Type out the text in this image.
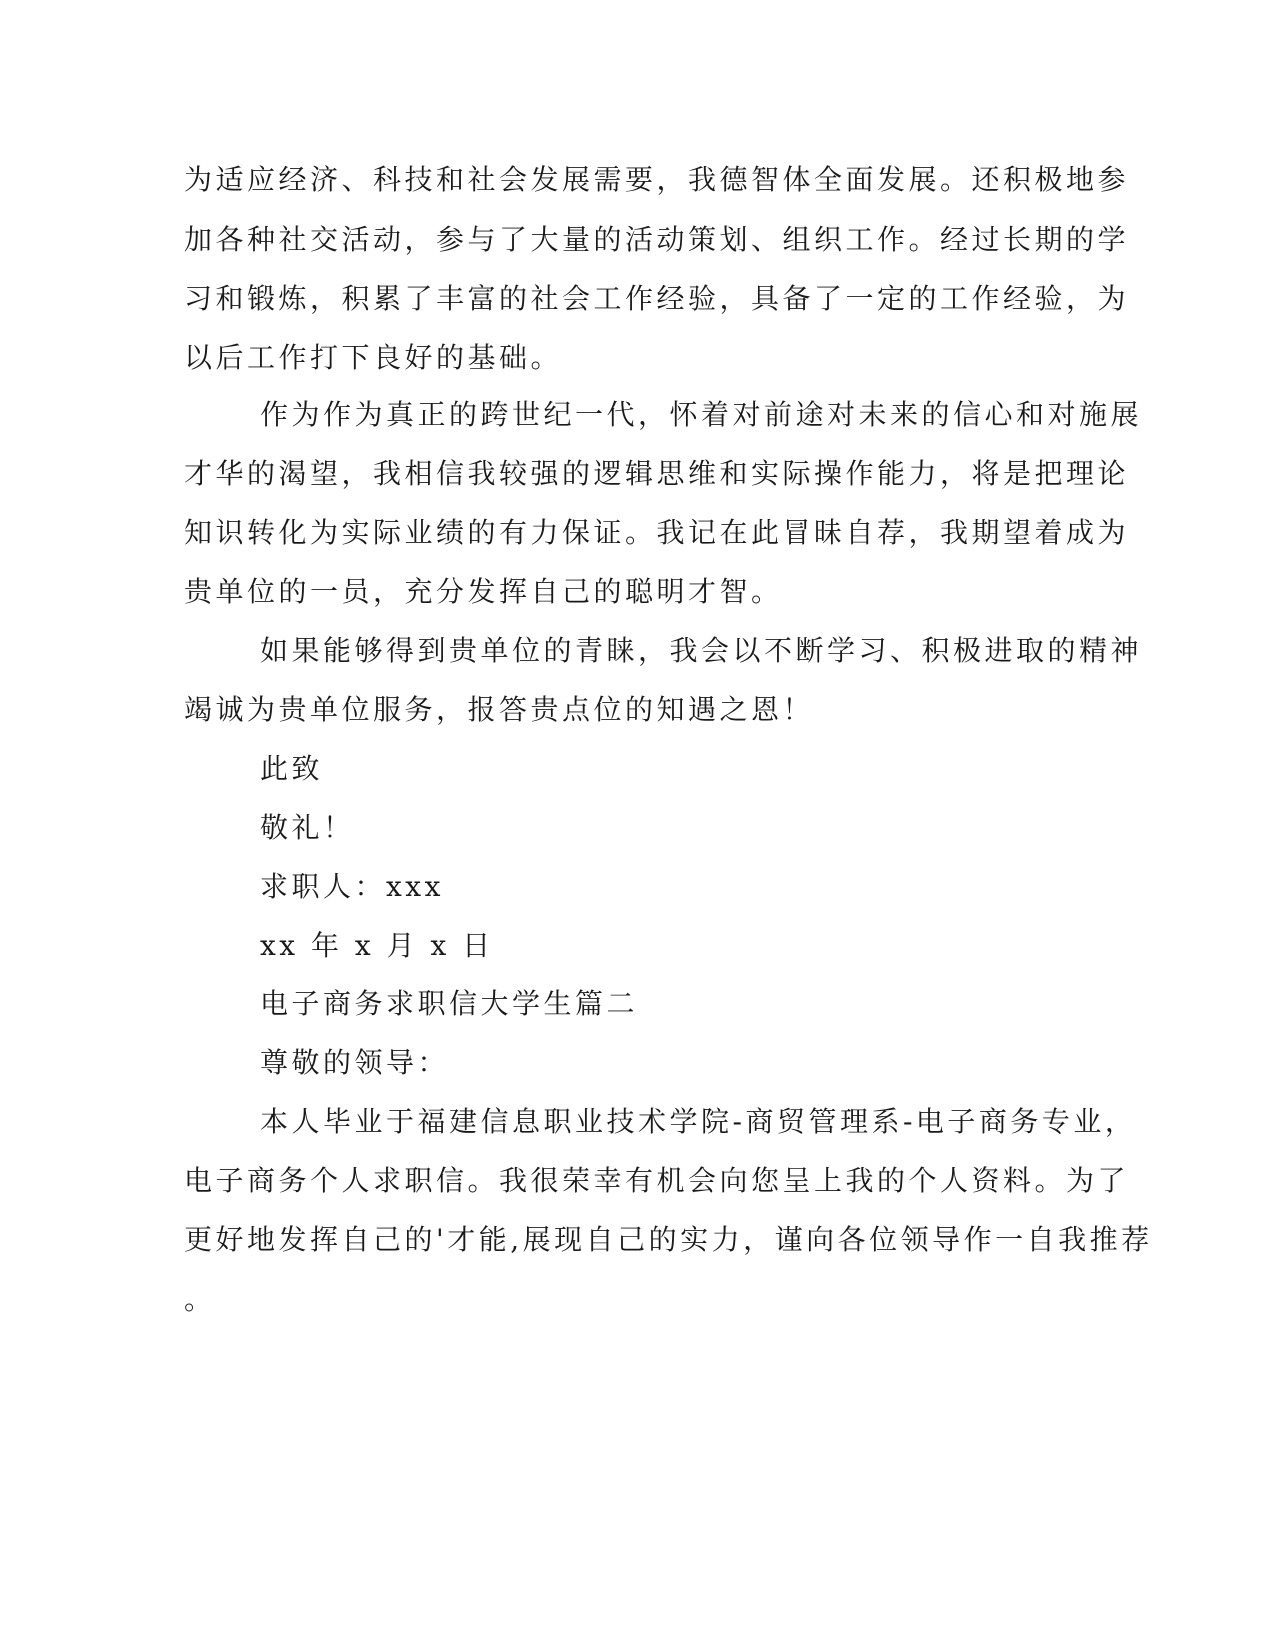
为适应经济、科技和社会发展需要，我德智体全面发展。还积极地参
加各种社交活动，参与了大量的活动策划、组织工作。经过长期的学
习和锻炼，积累了丰富的社会工作经验，具备了一定的工作经验，为
以后工作打下良好的基础。
作为作为真正的跨世纪一代，怀着对前途对未来的信心和对施展
才华的渴望，我相信我较强的逻辑思维和实际操作能力，将是把理论
知识转化为实际业绩的有力保证。我记在此冒昧自荐，我期望着成为
贵单位的一员，充分发挥自己的聪明才智。
如果能够得到贵单位的青睐，我会以不断学习、积极进取的精神
竭诚为贵单位服务，报答贵点位的知遇之恩！
此致
敬礼！
求职人：xxx
xx 年 x 月 x 日
电子商务求职信大学生篇二
尊敬的领导：
本人毕业于福建信息职业技术学院-商贸管理系-电子商务专业，
电子商务个人求职信。我很荣幸有机会向您呈上我的个人资料。为了
更好地发挥自己的'才能,展现自己的实力，谨向各位领导作一自我推荐
。
